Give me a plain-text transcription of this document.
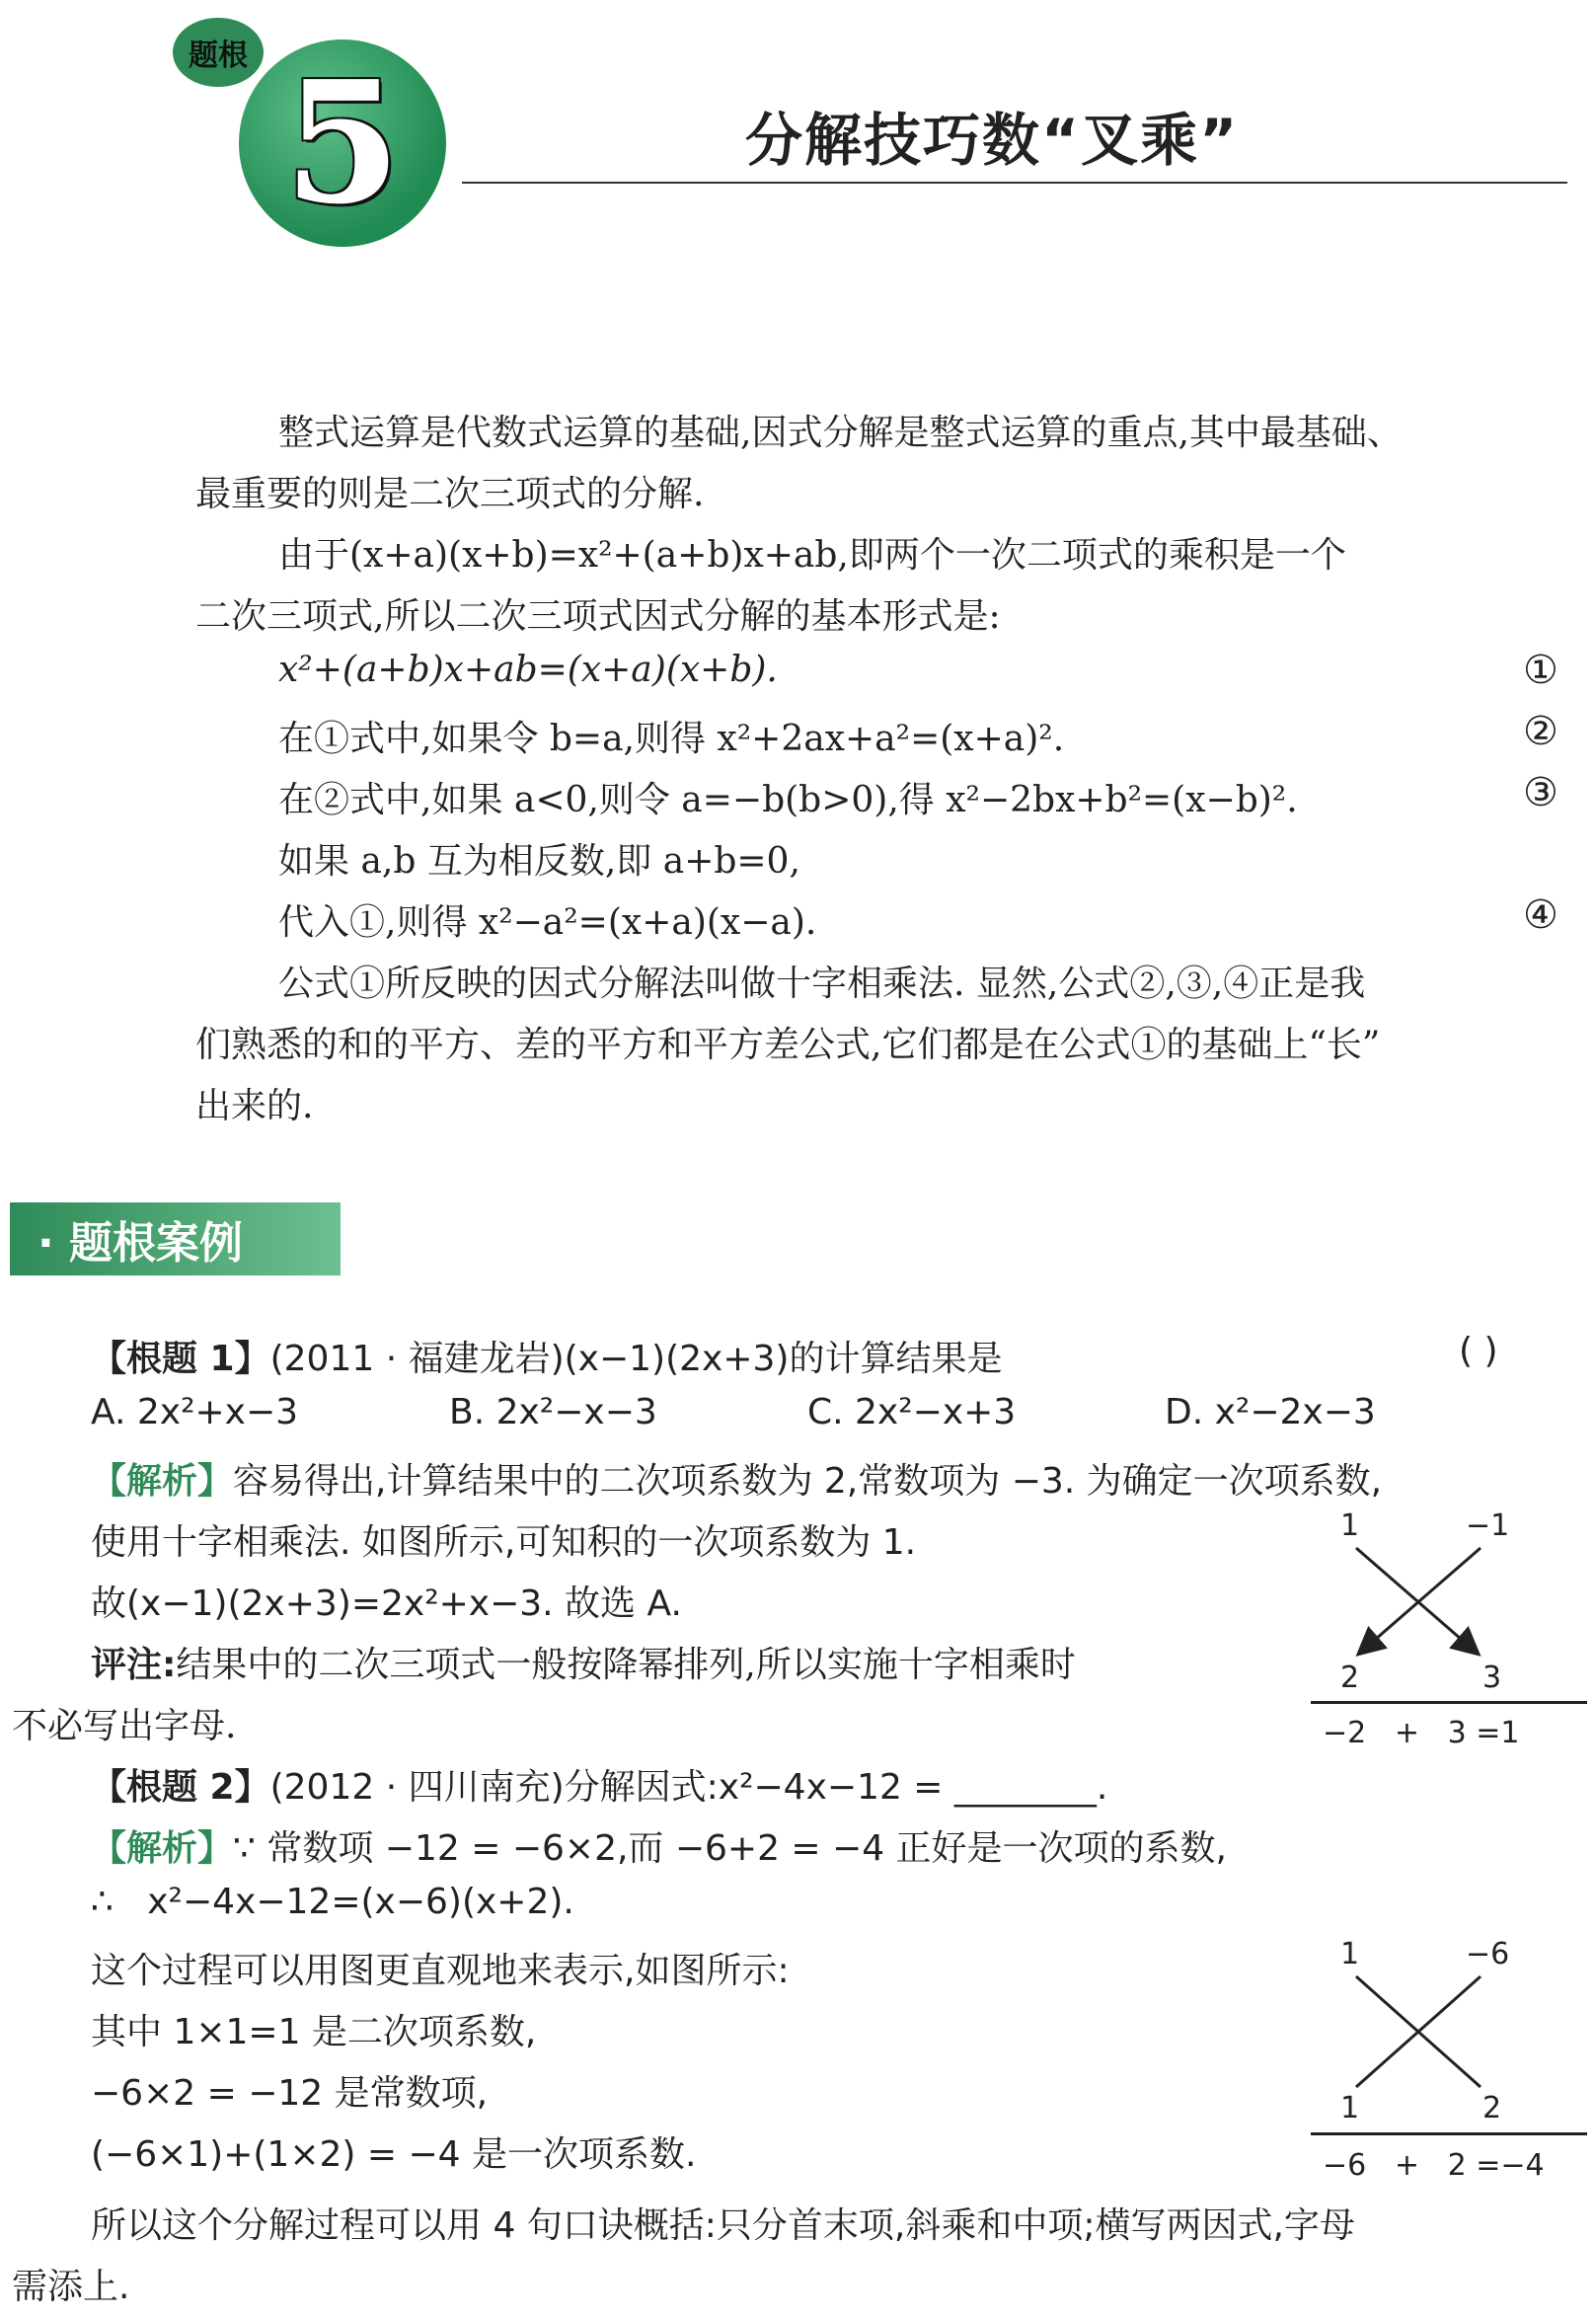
题根 5	分解技巧数“叉乘”
整式运算是代数式运算的基础,因式分解是整式运算的重点,其中最基础、
最重要的则是二次三项式的分解.
由于(x+a)(x+b)=x²+(a+b)x+ab,即两个一次二项式的乘积是一个
二次三项式,所以二次三项式因式分解的基本形式是:
x²+(a+b)x+ab=(x+a)(x+b).	①
在①式中,如果令 b=a,则得 x²+2ax+a²=(x+a)².	②
在②式中,如果 a<0,则令 a=−b(b>0),得 x²−2bx+b²=(x−b)².	③
如果 a,b 互为相反数,即 a+b=0,
代入①,则得 x²−a²=(x+a)(x−a).	④
公式①所反映的因式分解法叫做十字相乘法. 显然,公式②,③,④正是我
们熟悉的和的平方、差的平方和平方差公式,它们都是在公式①的基础上“长”
出来的.
· 题根案例
【根题 1】(2011 · 福建龙岩)(x−1)(2x+3)的计算结果是	( )
A. 2x²+x−3	B. 2x²−x−3	C. 2x²−x+3	D. x²−2x−3
【解析】容易得出,计算结果中的二次项系数为 2,常数项为 −3. 为确定一次项系数,
使用十字相乘法. 如图所示,可知积的一次项系数为 1.
故(x−1)(2x+3)=2x²+x−3. 故选 A.
评注:结果中的二次三项式一般按降幂排列,所以实施十字相乘时
不必写出字母.
1	−1
2	3
−2   +   3 =1
【根题 2】(2012 · 四川南充)分解因式:x²−4x−12 = ________.
【解析】∵ 常数项 −12 = −6×2,而 −6+2 = −4 正好是一次项的系数,
∴   x²−4x−12=(x−6)(x+2).
这个过程可以用图更直观地来表示,如图所示:
其中 1×1=1 是二次项系数,
−6×2 = −12 是常数项,
(−6×1)+(1×2) = −4 是一次项系数.
所以这个分解过程可以用 4 句口诀概括:只分首末项,斜乘和中项;横写两因式,字母
需添上.
1	−6
1	2
−6   +   2 =−4
